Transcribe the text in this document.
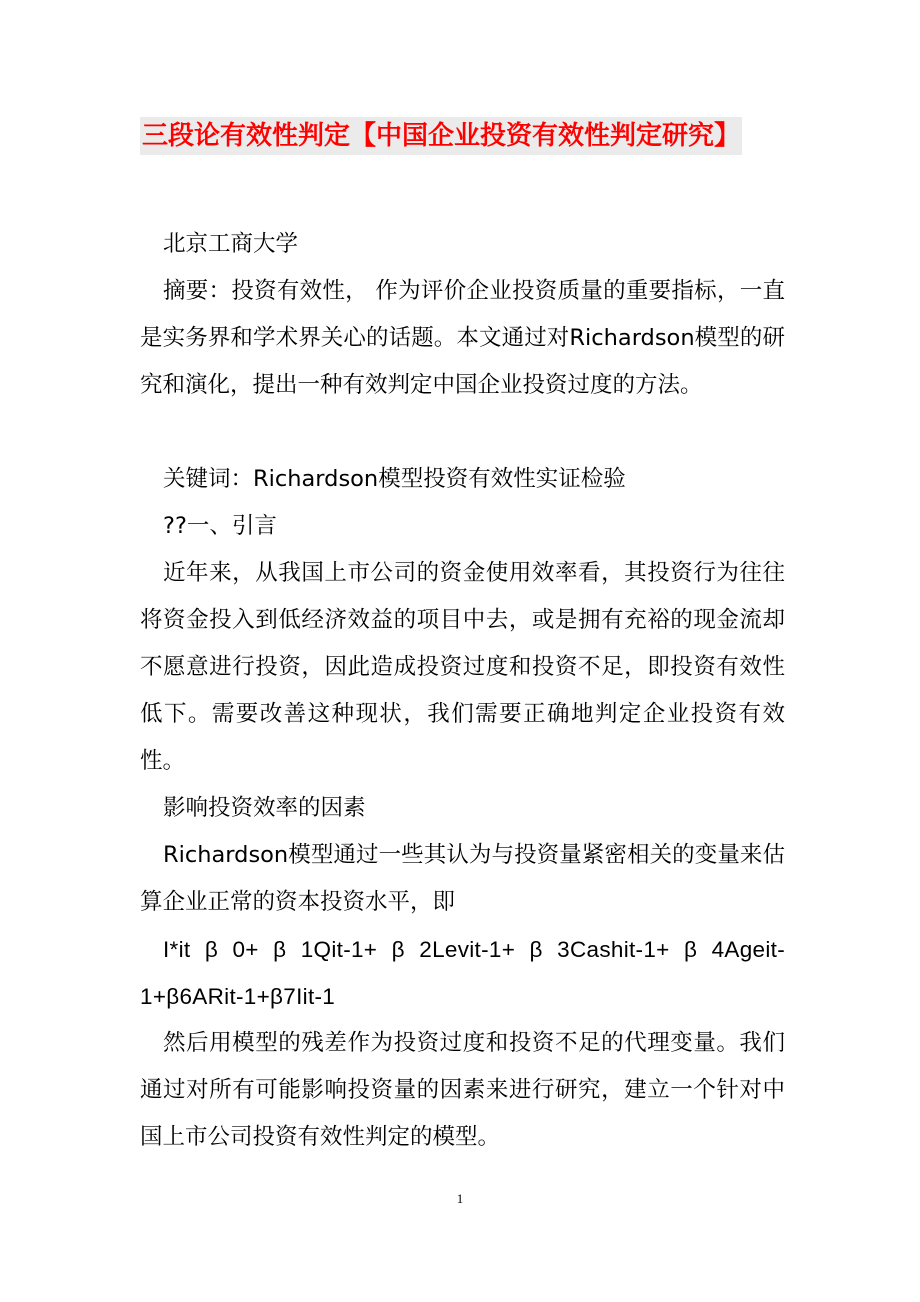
三段论有效性判定【中国企业投资有效性判定研究】
北京工商大学
摘要：投资有效性， 作为评价企业投资质量的重要指标，一直是实务界和学术界关心的话题。本文通过对Richardson模型的研究和演化，提出一种有效判定中国企业投资过度的方法。
关键词：Richardson模型投资有效性实证检验
??一、引言
近年来，从我国上市公司的资金使用效率看，其投资行为往往将资金投入到低经济效益的项目中去，或是拥有充裕的现金流却不愿意进行投资，因此造成投资过度和投资不足，即投资有效性低下。需要改善这种现状，我们需要正确地判定企业投资有效性。
影响投资效率的因素
Richardson模型通过一些其认为与投资量紧密相关的变量来估算企业正常的资本投资水平，即
I*it β 0+ β 1Qit-1+ β 2Levit-1+ β 3Cashit-1+ β 4Ageit-1+β6ARit-1+β7Iit-1
然后用模型的残差作为投资过度和投资不足的代理变量。我们通过对所有可能影响投资量的因素来进行研究，建立一个针对中国上市公司投资有效性判定的模型。
1
